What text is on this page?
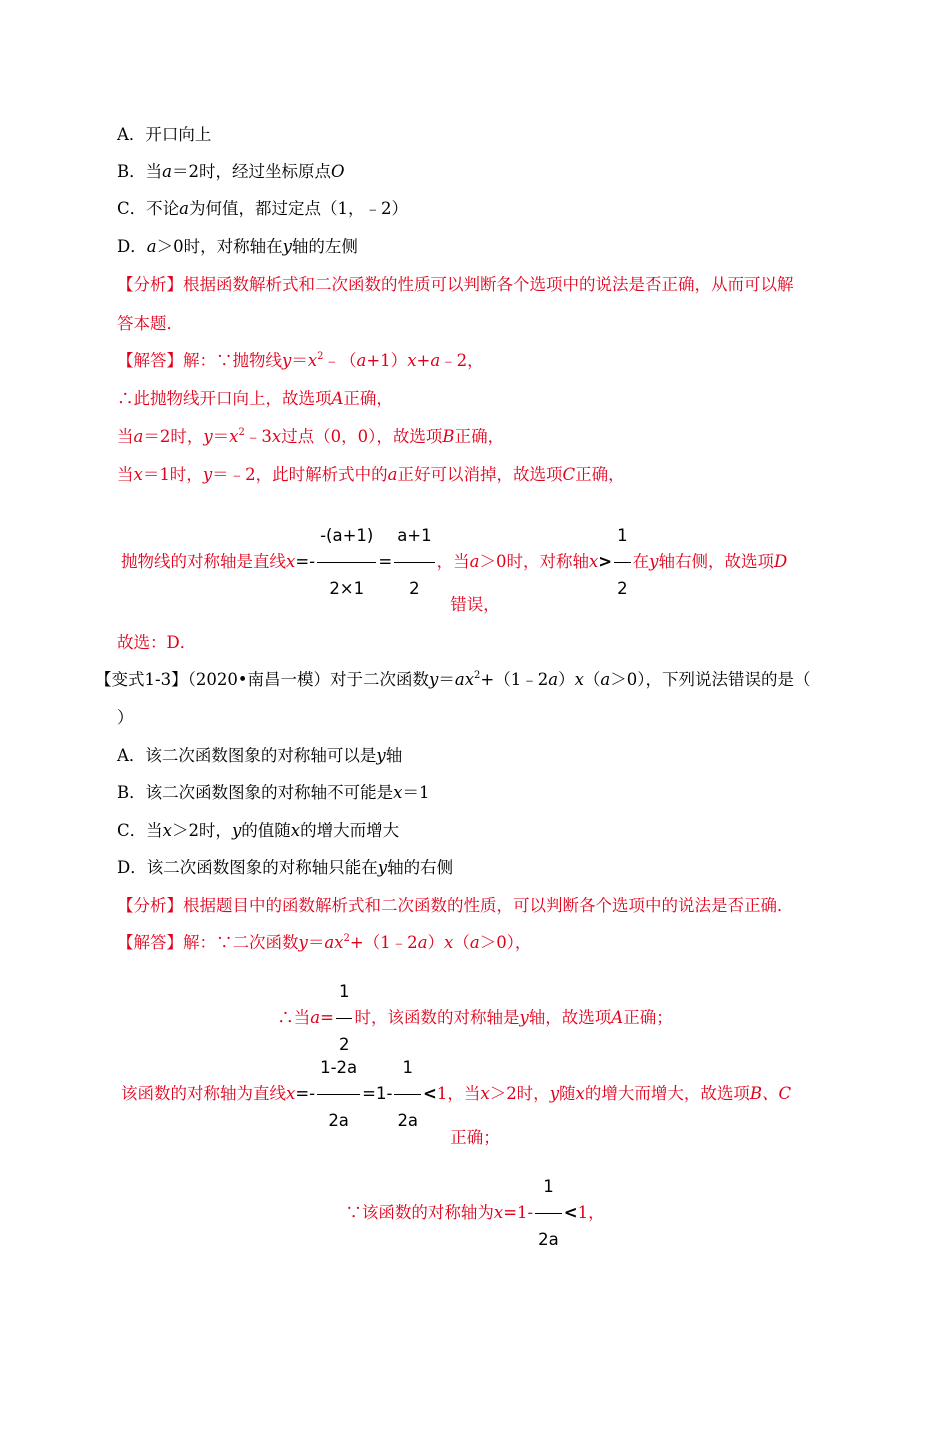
A．开口向上
B．当a＝2时，经过坐标原点O
C．不论a为何值，都过定点（1，﹣2）
D．a＞0时，对称轴在y轴的左侧
【分析】根据函数解析式和二次函数的性质可以判断各个选项中的说法是否正确，从而可以解
答本题．
【解答】解：∵抛物线$y=x^2﹣(a+1)x+a﹣2$，
∴此抛物线开口向上，故选项A正确，
当a＝2时，$y=x^2﹣3x$过点（0，0），故选项B正确，
当x＝1时，y＝﹣2，此时解析式中的a正好可以消掉，故选项C正确，
抛物线的对称轴是直线$x=- \frac{-(a+1)}{2\times 1} = \frac{a+1}{2}$ ，当a＞0时，对称轴$x> \frac{1}{2}$ 在y轴右侧，故选项D
错误，
故选：D．
【变式1-3】（2020•南昌一模）对于二次函数$y=ax^2+(1﹣2a)x(a>0)$，下列说法错误的是（
）
A．该二次函数图象的对称轴可以是y轴
B．该二次函数图象的对称轴不可能是x＝1
C．当x＞2时，y的值随x的增大而增大
D．该二次函数图象的对称轴只能在y轴的右侧
【分析】根据题目中的函数解析式和二次函数的性质，可以判断各个选项中的说法是否正确．
【解答】解：∵二次函数$y=ax^2+(1﹣2a)x(a>0)$，
∴当$a= \frac{1}{2}$ 时，该函数的对称轴是y轴，故选项A正确；
该函数的对称轴为直线$x=- \frac{1-2a}{2a} =1- \frac{1}{2a} <1$，当x＞2时，y随x的增大而增大，故选项B、C
正确；
∵该函数的对称轴为$x=1- \frac{1}{2a} <1$，
